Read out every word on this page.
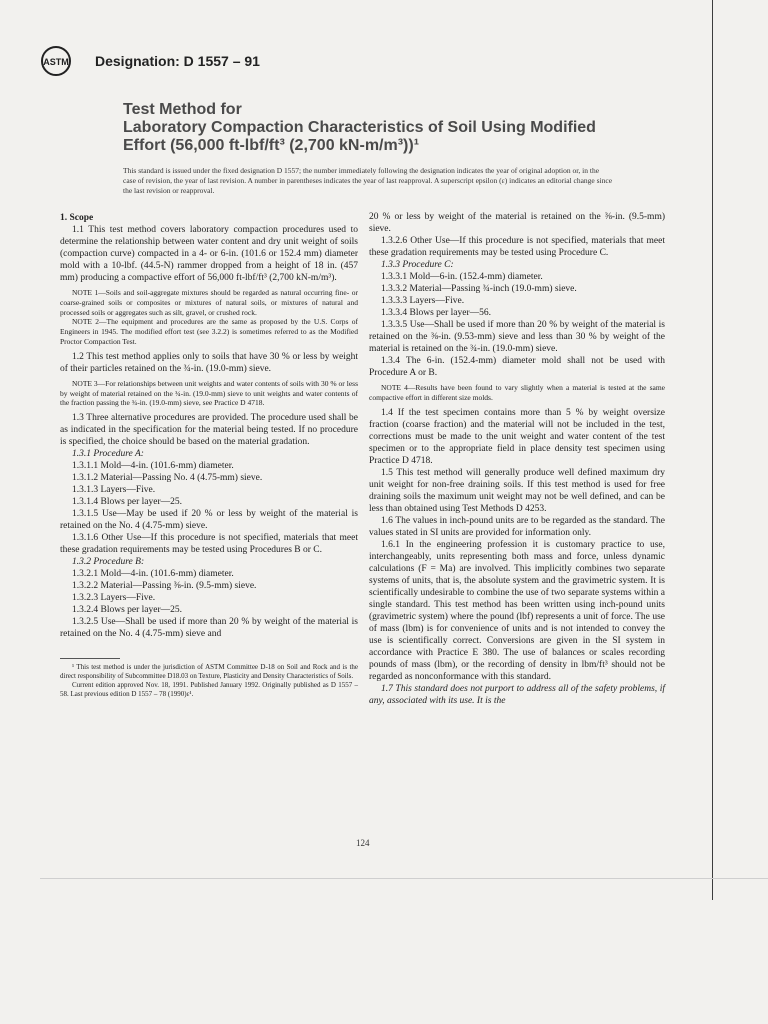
ASTM Designation: D 1557 – 91
Test Method for
Laboratory Compaction Characteristics of Soil Using Modified
Effort (56,000 ft-lbf/ft³ (2,700 kN-m/m³))¹
This standard is issued under the fixed designation D 1557; the number immediately following the designation indicates the year of original adoption or, in the case of revision, the year of last revision. A number in parentheses indicates the year of last reapproval. A superscript epsilon (ε) indicates an editorial change since the last revision or reapproval.

1. Scope

1.1 This test method covers laboratory compaction procedures used to determine the relationship between water content and dry unit weight of soils (compaction curve) compacted in a 4- or 6-in. (101.6 or 152.4 mm) diameter mold with a 10-lbf. (44.5-N) rammer dropped from a height of 18 in. (457 mm) producing a compactive effort of 56,000 ft-lbf/ft³ (2,700 kN-m/m³).

NOTE 1—Soils and soil-aggregate mixtures should be regarded as natural occurring fine- or coarse-grained soils or composites or mixtures of natural soils, or mixtures of natural and processed soils or aggregates such as silt, gravel, or crushed rock.

NOTE 2—The equipment and procedures are the same as proposed by the U.S. Corps of Engineers in 1945. The modified effort test (see 3.2.2) is sometimes referred to as the Modified Proctor Compaction Test.

1.2 This test method applies only to soils that have 30 % or less by weight of their particles retained on the ¾-in. (19.0-mm) sieve.

NOTE 3—For relationships between unit weights and water contents of soils with 30 % or less by weight of material retained on the ¾-in. (19.0-mm) sieve to unit weights and water contents of the fraction passing the ¾-in. (19.0-mm) sieve, see Practice D 4718.

1.3 Three alternative procedures are provided. The procedure used shall be as indicated in the specification for the material being tested. If no procedure is specified, the choice should be based on the material gradation.

1.3.1 Procedure A:

1.3.1.1 Mold—4-in. (101.6-mm) diameter.

1.3.1.2 Material—Passing No. 4 (4.75-mm) sieve.

1.3.1.3 Layers—Five.

1.3.1.4 Blows per layer—25.

1.3.1.5 Use—May be used if 20 % or less by weight of the material is retained on the No. 4 (4.75-mm) sieve.

1.3.1.6 Other Use—If this procedure is not specified, materials that meet these gradation requirements may be tested using Procedures B or C.

1.3.2 Procedure B:

1.3.2.1 Mold—4-in. (101.6-mm) diameter.

1.3.2.2 Material—Passing ⅜-in. (9.5-mm) sieve.

1.3.2.3 Layers—Five.

1.3.2.4 Blows per layer—25.

1.3.2.5 Use—Shall be used if more than 20 % by weight of the material is retained on the No. 4 (4.75-mm) sieve and

¹ This test method is under the jurisdiction of ASTM Committee D-18 on Soil and Rock and is the direct responsibility of Subcommittee D18.03 on Texture, Plasticity and Density Characteristics of Soils.

Current edition approved Nov. 18, 1991. Published January 1992. Originally published as D 1557 – 58. Last previous edition D 1557 – 78 (1990)ε¹.

20 % or less by weight of the material is retained on the ⅜-in. (9.5-mm) sieve.

1.3.2.6 Other Use—If this procedure is not specified, materials that meet these gradation requirements may be tested using Procedure C.

1.3.3 Procedure C:

1.3.3.1 Mold—6-in. (152.4-mm) diameter.

1.3.3.2 Material—Passing ¾-inch (19.0-mm) sieve.

1.3.3.3 Layers—Five.

1.3.3.4 Blows per layer—56.

1.3.3.5 Use—Shall be used if more than 20 % by weight of the material is retained on the ⅜-in. (9.53-mm) sieve and less than 30 % by weight of the material is retained on the ¾-in. (19.0-mm) sieve.

1.3.4 The 6-in. (152.4-mm) diameter mold shall not be used with Procedure A or B.

NOTE 4—Results have been found to vary slightly when a material is tested at the same compactive effort in different size molds.

1.4 If the test specimen contains more than 5 % by weight oversize fraction (coarse fraction) and the material will not be included in the test, corrections must be made to the unit weight and water content of the test specimen or to the appropriate field in place density test specimen using Practice D 4718.

1.5 This test method will generally produce well defined maximum dry unit weight for non-free draining soils. If this test method is used for free draining soils the maximum unit weight may not be well defined, and can be less than obtained using Test Methods D 4253.

1.6 The values in inch-pound units are to be regarded as the standard. The values stated in SI units are provided for information only.

1.6.1 In the engineering profession it is customary practice to use, interchangeably, units representing both mass and force, unless dynamic calculations (F = Ma) are involved. This implicitly combines two separate systems of units, that is, the absolute system and the gravimetric system. It is scientifically undesirable to combine the use of two separate systems within a single standard. This test method has been written using inch-pound units (gravimetric system) where the pound (lbf) represents a unit of force. The use of mass (lbm) is for convenience of units and is not intended to convey the use is scientifically correct. Conversions are given in the SI system in accordance with Practice E 380. The use of balances or scales recording pounds of mass (lbm), or the recording of density in lbm/ft³ should not be regarded as nonconformance with this standard.

1.7 This standard does not purport to address all of the safety problems, if any, associated with its use. It is the

124
